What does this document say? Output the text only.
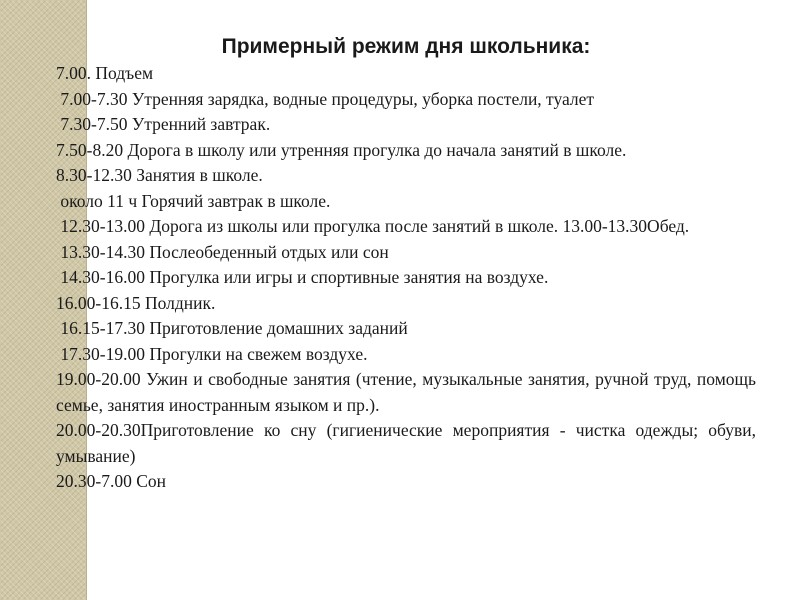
Примерный режим дня школьника:
7.00. Подъем
7.00-7.30 Утренняя зарядка, водные процедуры, уборка постели, туалет
7.30-7.50 Утренний завтрак.
7.50-8.20 Дорога в школу или утренняя прогулка до начала занятий в школе.
8.30-12.30 Занятия в школе.
около 11 ч Горячий завтрак в школе.
12.30-13.00 Дорога из школы или прогулка после занятий в школе. 13.00-13.30Обед.
13.30-14.30 Послеобеденный отдых или сон
14.30-16.00 Прогулка или игры и спортивные занятия на воздухе.
16.00-16.15 Полдник.
16.15-17.30 Приготовление домашних заданий
17.30-19.00 Прогулки на свежем воздухе.
19.00-20.00 Ужин и свободные занятия (чтение, музыкальные занятия, ручной труд, помощь семье, занятия иностранным языком и пр.).
20.00-20.30Приготовление ко сну (гигиенические мероприятия - чистка одежды; обуви, умывание)
20.30-7.00 Сон
